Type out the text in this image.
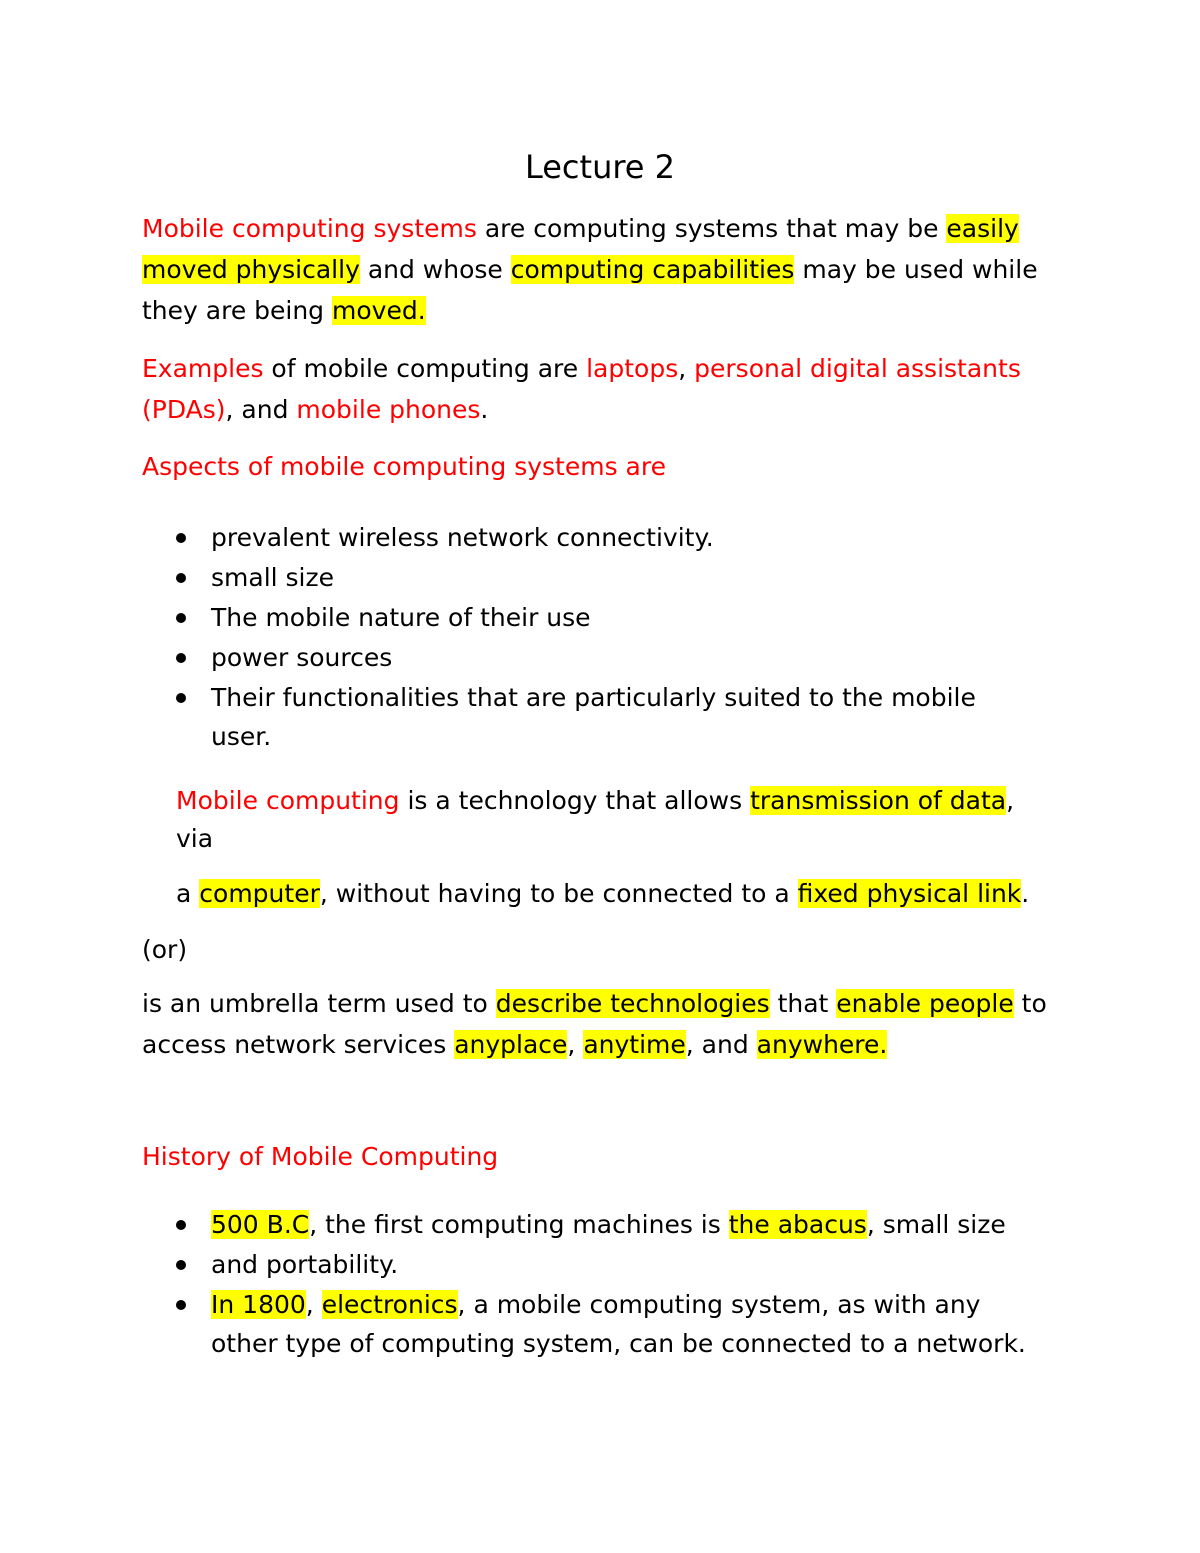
Lecture 2
Mobile computing systems are computing systems that may be easily
moved physically and whose computing capabilities may be used while
they are being moved.
Examples of mobile computing are laptops, personal digital assistants
(PDAs), and mobile phones.
Aspects of mobile computing systems are
prevalent wireless network connectivity.
small size
The mobile nature of their use
power sources
Their functionalities that are particularly suited to the mobile
user.
Mobile computing is a technology that allows transmission of data,
via
a computer, without having to be connected to a fixed physical link.
(or)
is an umbrella term used to describe technologies that enable people to
access network services anyplace, anytime, and anywhere.
History of Mobile Computing
500 B.C, the first computing machines is the abacus, small size
and portability.
In 1800, electronics, a mobile computing system, as with any
other type of computing system, can be connected to a network.
